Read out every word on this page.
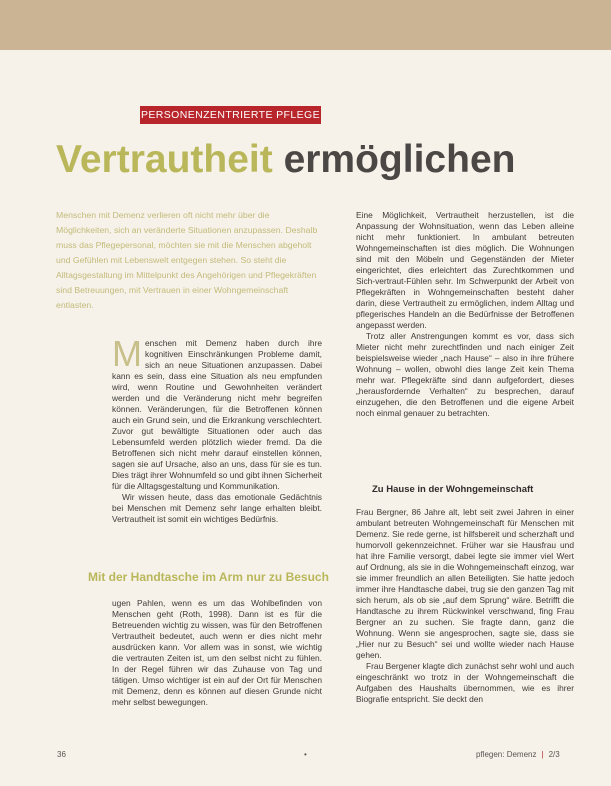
PERSONENZENTRIERTE PFLEGE
Vertrautheit ermöglichen

Menschen mit Demenz verlieren oft nicht mehr über die Möglichkeiten, sich an veränderte Situationen anzupassen. Deshalb muss das Pflegepersonal, möchten sie mit die Menschen abgeholt und Gefühlen mit Lebenswelt entgegen stehen. So steht die Alltagsgestaltung im Mittelpunkt des Angehörigen und Pflegekräften sind Betreuungen, mit Vertrauen in einer Wohngemeinschaft entlasten.

Menschen mit Demenz haben durch ihre kognitiven Einschränkungen Probleme damit, sich an neue Situationen anzupassen. Dabei kann es sein, dass eine Situation als neu empfunden wird, wenn Routine und Gewohnheiten verändert werden und die Veränderung nicht mehr begreifen können. Veränderungen, für die Betroffenen können auch ein Grund sein, und die Erkrankung verschlechtert. Zuvor gut bewältigte Situationen oder auch das Lebensumfeld werden plötzlich wieder fremd. Da die Betroffenen sich nicht mehr darauf einstellen können, sagen sie auf Ursache, also an uns, dass für sie es tun. Dies trägt ihrer Wohnumfeld so und gibt ihnen Sicherheit für die Alltagsgestaltung und Kommunikation.

Wir wissen heute, dass das emotionale Gedächtnis bei Menschen mit Demenz sehr lange erhalten bleibt. Vertrautheit ist somit ein wichtiges Bedürfnis.

Mit der Handtasche im Arm nur zu Besuch

ugen Pahlen, wenn es um das Wohlbefinden von Menschen geht (Roth, 1998). Dann ist es für die Betreuenden wichtig zu wissen, was für den Betroffenen Vertrautheit bedeutet, auch wenn er dies nicht mehr ausdrücken kann. Vor allem was in sonst, wie wichtig die vertrauten Zeiten ist, um den selbst nicht zu fühlen. In der Regel führen wir das Zuhause von Tag und tätigen. Umso wichtiger ist ein auf der Ort für Menschen mit Demenz, denn es können auf diesen Grunde nicht mehr selbst bewegungen.

Eine Möglichkeit, Vertrautheit herzustellen, ist die Anpassung der Wohnsituation, wenn das Leben alleine nicht mehr funktioniert. In ambulant betreuten Wohngemeinschaften ist dies möglich. Die Wohnungen sind mit den Möbeln und Gegenständen der Mieter eingerichtet, dies erleichtert das Zurechtkommen und Sich-vertraut-Fühlen sehr. Im Schwerpunkt der Arbeit von Pflegekräften in Wohngemeinschaften besteht daher darin, diese Vertrautheit zu ermöglichen, indem Alltag und pflegerisches Handeln an die Bedürfnisse der Betroffenen angepasst werden.

Trotz aller Anstrengungen kommt es vor, dass sich Mieter nicht mehr zurechtfinden und nach einiger Zeit beispielsweise wieder „nach Hause“ – also in ihre frühere Wohnung – wollen, obwohl dies lange Zeit kein Thema mehr war. Pflegekräfte sind dann aufgefordert, dieses „herausfordernde Verhalten“ zu besprechen, darauf einzugehen, die den Betroffenen und die eigene Arbeit noch einmal genauer zu betrachten.

Zu Hause in der Wohngemeinschaft

Frau Bergner, 86 Jahre alt, lebt seit zwei Jahren in einer ambulant betreuten Wohngemeinschaft für Menschen mit Demenz. Sie rede gerne, ist hilfsbereit und scherzhaft und humorvoll gekennzeichnet. Früher war sie Hausfrau und hat ihre Familie versorgt, dabei legte sie immer viel Wert auf Ordnung, als sie in die Wohngemeinschaft einzog, war sie immer freundlich an allen Beteiligten. Sie hatte jedoch immer ihre Handtasche dabei, trug sie den ganzen Tag mit sich herum, als ob sie „auf dem Sprung“ wäre. Betrifft die Handtasche zu ihrem Rückwinkel verschwand, fing Frau Bergner an zu suchen. Sie fragte dann, ganz die Wohnung. Wenn sie angesprochen, sagte sie, dass sie „Hier nur zu Besuch“ sei und wollte wieder nach Hause gehen.

Frau Bergener klagte dich zunächst sehr wohl und auch eingeschränkt wo trotz in der Wohngemeinschaft die Aufgaben des Haushalts übernommen, wie es ihrer Biografie entspricht. Sie deckt den

36	•	pflegen: Demenz | 2/3
